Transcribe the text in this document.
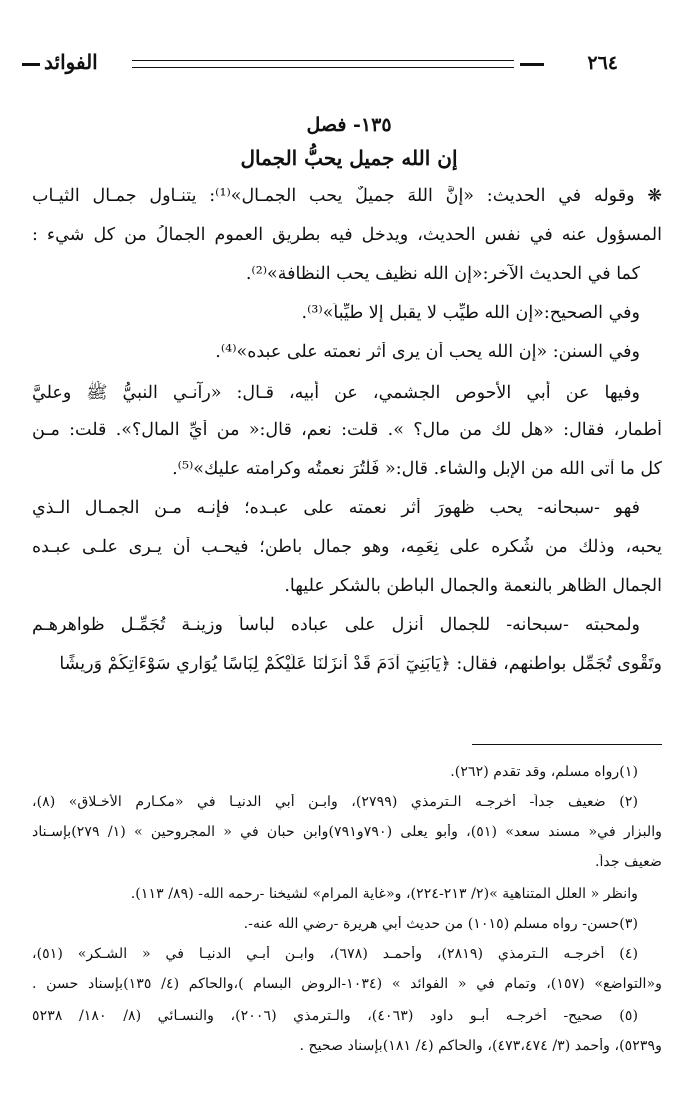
٢٦٤
الفوائد
١٣٥- فصل
إن الله جميل يحبُّ الجمال
❋ وقوله في الحديث: «إنَّ اللهَ جميلٌ يحب الجمـال»⁽¹⁾: يتنـاول جمـال الثيـاب
المسؤول عنه في نفس الحديث، ويدخل فيه بطريق العموم الجمالُ من كل شيء :
كما في الحديث الآخر:«إن الله نظيف يحب النظافة»⁽²⁾.
وفي الصحيح:«إن الله طيِّب لا يقبل إلا طيِّباً»⁽³⁾.
وفي السنن: «إن الله يحب أن يرى أثر نعمته على عبده»⁽⁴⁾.
وفيها عن أبي الأحوص الجشمي، عن أبيه، قـال: «رآنـي النبيُّ ﷺ وعليَّ
أطمار، فقال: «هل لك من مال؟ ». قلت: نعم، قال:« من أيِّ المال؟». قلت: مـن
كل ما آتى الله من الإبل والشاء. قال:« فَلْتُرَ نعمتُه وكرامته عليك»⁽⁵⁾.
فهو -سبحانه- يحب ظهورَ أثر نعمته على عبـده؛ فإنـه مـن الجمـال الـذي
يحبه، وذلك من شُكرِه على نِعَمِه، وهو جمال باطن؛ فيحـب أن يـرى علـى عبـده
الجمال الظاهر بالنعمة والجمال الباطن بالشكر عليها.
ولمحبته -سبحانه- للجمال أنزل على عباده لباساً وزينـة تُجَمِّـل ظواهرهـم
وتَقْوى تُجَمِّل بواطنهم، فقال: ﴿يَابَنِيٓ آدَمَ قَدْ أَنزَلْنَا عَلَيْكُمْ لِبَاسًا يُوَارِي سَوْءَاتِكُمْ وَرِيشًا
(١)رواه مسلم، وقد تقدم (٢٦٢).
(٢) ضعيف جداً- أخرجـه الـترمذي (٢٧٩٩)، وابـن أبي الدنيـا في «مكـارم الأخـلاق» (٨)،
والبزار في« مسند سعد» (٥١)، وأبو يعلى (٧٩٠و٧٩١)وابن حبان في « المجروحين » (١/ ٢٧٩)بإسـناد
ضعيف جداً.
وانظر « العلل المتناهية »(٢/ ٢١٣-٢٢٤)، و«غاية المرام» لشيخنا -رحمه الله- (٨٩/ ١١٣).
(٣)حسن- رواه مسلم (١٠١٥) من حديث أبي هريرة -رضي الله عنه-.
(٤) أخرجـه الـترمذي (٢٨١٩)، وأحمـد (٦٧٨)، وابـن أبـي الدنيـا في « الشـكر» (٥١)،
و«التواضع» (١٥٧)، وتمام في « الفوائد » (١٠٣٤-الروض البسام )،والحاكم (٤/ ١٣٥)بإسناد حسن .
(٥) صحيح- أخرجـه أبـو داود (٤٠٦٣)، والـترمذي (٢٠٠٦)، والنسـائي (٨/ ١٨٠/ ٥٢٣٨
و٥٢٣٩)، وأحمد (٣/ ٤٧٣،٤٧٤)، والحاكم (٤/ ١٨١)بإسناد صحيح .
